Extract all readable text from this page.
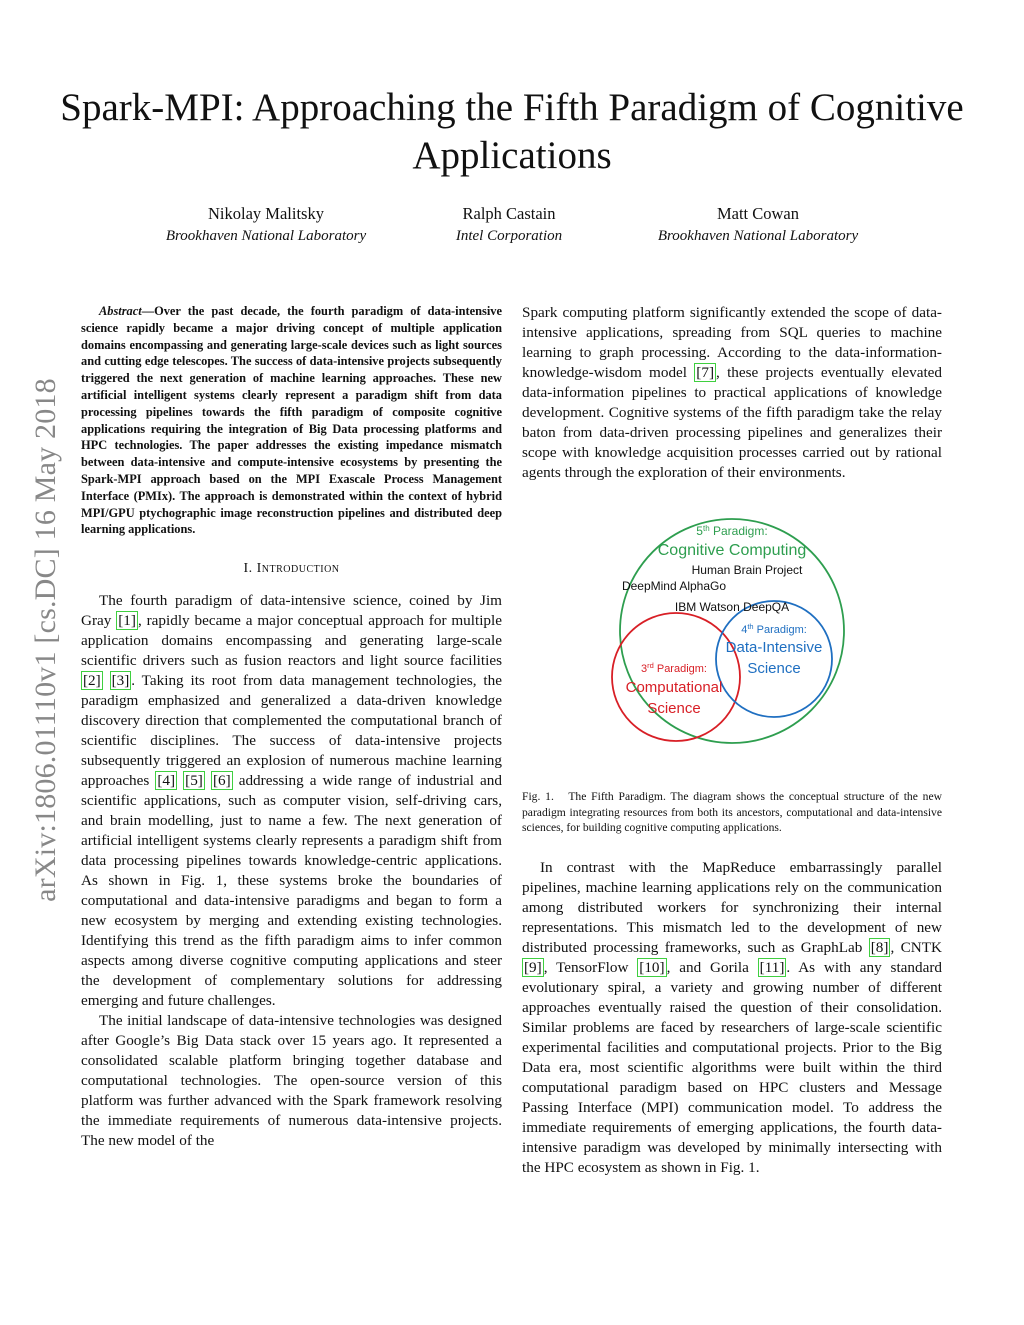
arXiv:1806.01110v1 [cs.DC] 16 May 2018
Spark-MPI: Approaching the Fifth Paradigm of Cognitive Applications
Nikolay Malitsky
Brookhaven National Laboratory
Ralph Castain
Intel Corporation
Matt Cowan
Brookhaven National Laboratory

Abstract—Over the past decade, the fourth paradigm of data-intensive science rapidly became a major driving concept of multiple application domains encompassing and generating large-scale devices such as light sources and cutting edge telescopes. The success of data-intensive projects subsequently triggered the next generation of machine learning approaches. These new artificial intelligent systems clearly represent a paradigm shift from data processing pipelines towards the fifth paradigm of composite cognitive applications requiring the integration of Big Data processing platforms and HPC technologies. The paper addresses the existing impedance mismatch between data-intensive and compute-intensive ecosystems by presenting the Spark-MPI approach based on the MPI Exascale Process Management Interface (PMIx). The approach is demonstrated within the context of hybrid MPI/GPU ptychographic image reconstruction pipelines and distributed deep learning applications.

I. Introduction

The fourth paradigm of data-intensive science, coined by Jim Gray [1] , rapidly became a major conceptual approach for multiple application domains encompassing and generating large-scale scientific drivers such as fusion reactors and light source facilities [2] [3] . Taking its root from data management technologies, the paradigm emphasized and generalized a data-driven knowledge discovery direction that complemented the computational branch of scientific disciplines. The success of data-intensive projects subsequently triggered an explosion of numerous machine learning approaches [4] [5] [6] addressing a wide range of industrial and scientific applications, such as computer vision, self-driving cars, and brain modelling, just to name a few. The next generation of artificial intelligent systems clearly represents a paradigm shift from data processing pipelines towards knowledge-centric applications. As shown in Fig. 1, these systems broke the boundaries of computational and data-intensive paradigms and began to form a new ecosystem by merging and extending existing technologies. Identifying this trend as the fifth paradigm aims to infer common aspects among diverse cognitive computing applications and steer the development of complementary solutions for addressing emerging and future challenges.

The initial landscape of data-intensive technologies was designed after Google’s Big Data stack over 15 years ago. It represented a consolidated scalable platform bringing together database and computational technologies. The open-source version of this platform was further advanced with the Spark framework resolving the immediate requirements of numerous data-intensive projects. The new model of the

Spark computing platform significantly extended the scope of data-intensive applications, spreading from SQL queries to machine learning to graph processing. According to the data-information-knowledge-wisdom model [7] , these projects eventually elevated data-information pipelines to practical applications of knowledge development. Cognitive systems of the fifth paradigm take the relay baton from data-driven processing pipelines and generalizes their scope with knowledge acquisition processes carried out by rational agents through the exploration of their environments.

5th Paradigm:
Cognitive Computing
Human Brain Project
DeepMind AlphaGo
IBM Watson DeepQA
4th Paradigm:
Data-Intensive
Science
3rd Paradigm:
Computational
Science

Fig. 1. The Fifth Paradigm. The diagram shows the conceptual structure of the new paradigm integrating resources from both its ancestors, computational and data-intensive sciences, for building cognitive computing applications.

In contrast with the MapReduce embarrassingly parallel pipelines, machine learning applications rely on the communication among distributed workers for synchronizing their internal representations. This mismatch led to the development of new distributed processing frameworks, such as GraphLab [8] , CNTK [9] , TensorFlow [10] , and Gorila [11] . As with any standard evolutionary spiral, a variety and growing number of different approaches eventually raised the question of their consolidation. Similar problems are faced by researchers of large-scale scientific experimental facilities and computational projects. Prior to the Big Data era, most scientific algorithms were built within the third computational paradigm based on HPC clusters and Message Passing Interface (MPI) communication model. To address the immediate requirements of emerging applications, the fourth data-intensive paradigm was developed by minimally intersecting with the HPC ecosystem as shown in Fig. 1.
